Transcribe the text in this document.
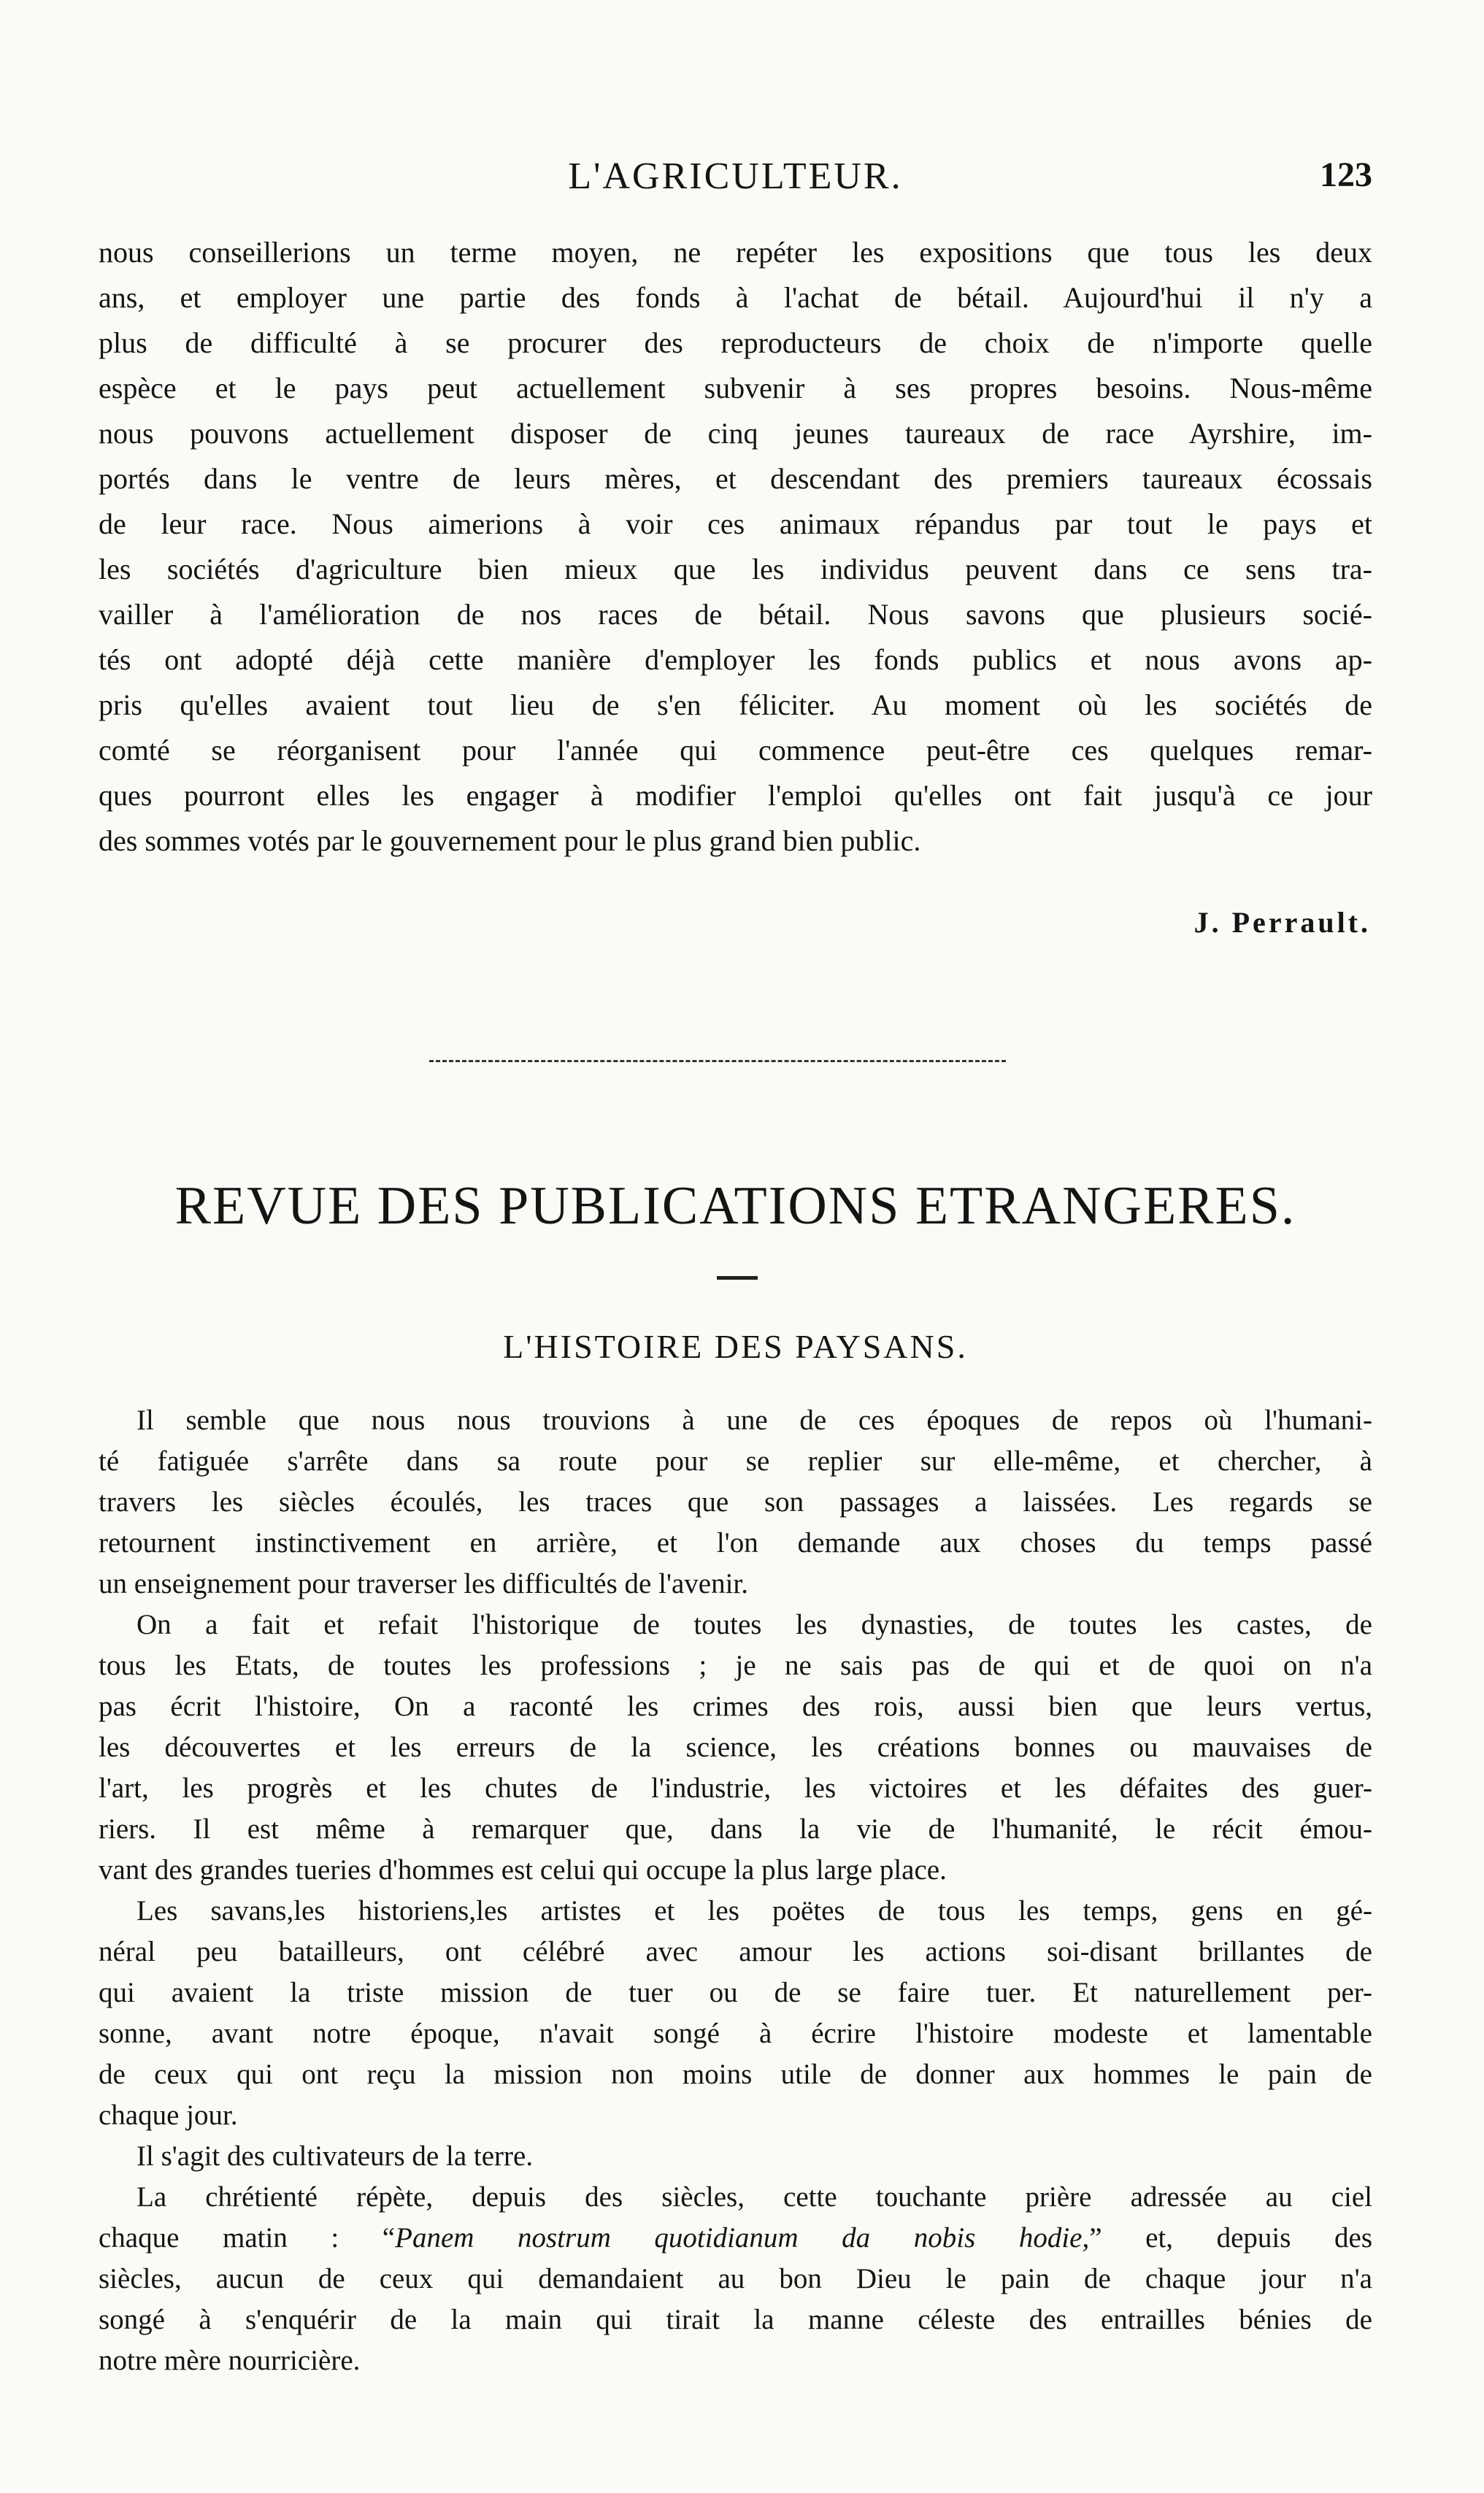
L'AGRICULTEUR.	123
nous conseillerions un terme moyen, ne repéter les expositions que tous les deux
ans, et employer une partie des fonds à l'achat de bétail. Aujourd'hui il n'y a
plus de difficulté à se procurer des reproducteurs de choix de n'importe quelle
espèce et le pays peut actuellement subvenir à ses propres besoins. Nous-même
nous pouvons actuellement disposer de cinq jeunes taureaux de race Ayrshire, im-
portés dans le ventre de leurs mères, et descendant des premiers taureaux écossais
de leur race. Nous aimerions à voir ces animaux répandus par tout le pays et
les sociétés d'agriculture bien mieux que les individus peuvent dans ce sens tra-
vailler à l'amélioration de nos races de bétail. Nous savons que plusieurs socié-
tés ont adopté déjà cette manière d'employer les fonds publics et nous avons ap-
pris qu'elles avaient tout lieu de s'en féliciter. Au moment où les sociétés de
comté se réorganisent pour l'année qui commence peut-être ces quelques remar-
ques pourront elles les engager à modifier l'emploi qu'elles ont fait jusqu'à ce jour
des sommes votés par le gouvernement pour le plus grand bien public.
J. Perrault.
REVUE DES PUBLICATIONS ETRANGERES.
L'HISTOIRE DES PAYSANS.
Il semble que nous nous trouvions à une de ces époques de repos où l'humani-
té fatiguée s'arrête dans sa route pour se replier sur elle-même, et chercher, à
travers les siècles écoulés, les traces que son passages a laissées. Les regards se
retournent instinctivement en arrière, et l'on demande aux choses du temps passé
un enseignement pour traverser les difficultés de l'avenir.
On a fait et refait l'historique de toutes les dynasties, de toutes les castes, de
tous les Etats, de toutes les professions ; je ne sais pas de qui et de quoi on n'a
pas écrit l'histoire, On a raconté les crimes des rois, aussi bien que leurs vertus,
les découvertes et les erreurs de la science, les créations bonnes ou mauvaises de
l'art, les progrès et les chutes de l'industrie, les victoires et les défaites des guer-
riers. Il est même à remarquer que, dans la vie de l'humanité, le récit émou-
vant des grandes tueries d'hommes est celui qui occupe la plus large place.
Les savans,les historiens,les artistes et les poëtes de tous les temps, gens en gé-
néral peu batailleurs, ont célébré avec amour les actions soi-disant brillantes de
qui avaient la triste mission de tuer ou de se faire tuer. Et naturellement per-
sonne, avant notre époque, n'avait songé à écrire l'histoire modeste et lamentable
de ceux qui ont reçu la mission non moins utile de donner aux hommes le pain de
chaque jour.
Il s'agit des cultivateurs de la terre.
La chrétienté répète, depuis des siècles, cette touchante prière adressée au ciel
chaque matin : “Panem nostrum quotidianum da nobis hodie,” et, depuis des
siècles, aucun de ceux qui demandaient au bon Dieu le pain de chaque jour n'a
songé à s'enquérir de la main qui tirait la manne céleste des entrailles bénies de
notre mère nourricière.
